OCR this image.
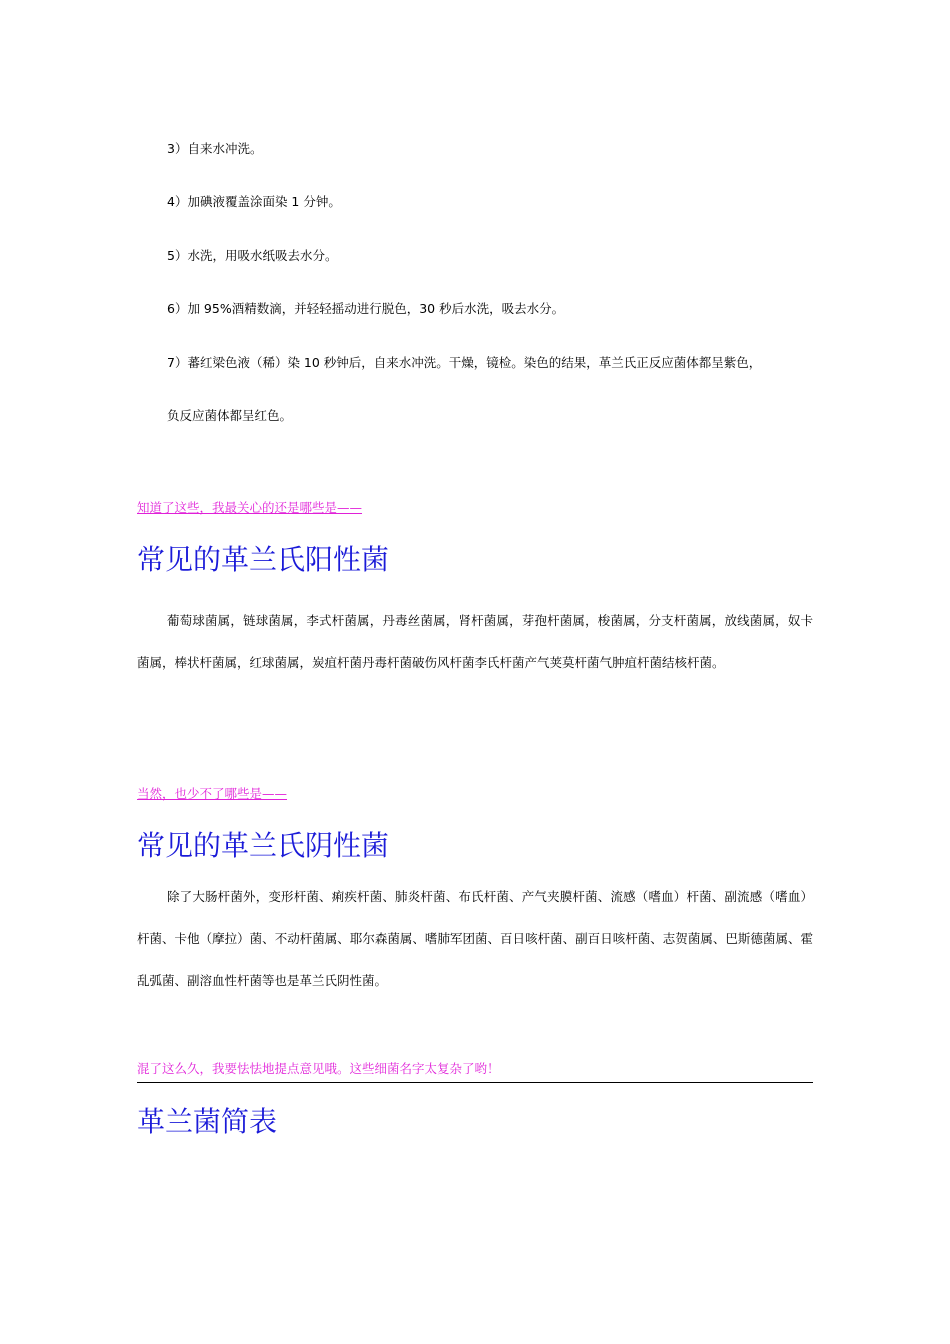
3）自来水冲洗。
4）加碘液覆盖涂面染 1 分钟。
5）水洗，用吸水纸吸去水分。
6）加 95%酒精数滴，并轻轻摇动进行脱色，30 秒后水洗，吸去水分。
7）蕃红梁色液（稀）染 10 秒钟后，自来水冲洗。干燥，镜检。染色的结果，革兰氏正反应菌体都呈紫色，
负反应菌体都呈红色。
知道了这些，我最关心的还是哪些是——
常见的革兰氏阳性菌
葡萄球菌属，链球菌属，李式杆菌属，丹毒丝菌属，肾杆菌属，芽孢杆菌属，梭菌属，分支杆菌属，放线菌属，奴卡菌属，棒状杆菌属，红球菌属，炭疽杆菌丹毒杆菌破伤风杆菌李氏杆菌产气荚莫杆菌气肿疽杆菌结核杆菌。
当然，也少不了哪些是——
常见的革兰氏阴性菌
除了大肠杆菌外，变形杆菌、痢疾杆菌、肺炎杆菌、布氏杆菌、产气夹膜杆菌、流感（嗜血）杆菌、副流感（嗜血）杆菌、卡他（摩拉）菌、不动杆菌属、耶尔森菌属、嗜肺军团菌、百日咳杆菌、副百日咳杆菌、志贺菌属、巴斯德菌属、霍乱弧菌、副溶血性杆菌等也是革兰氏阴性菌。
混了这么久，我要怯怯地提点意见哦。这些细菌名字太复杂了哟！
革兰菌简表
